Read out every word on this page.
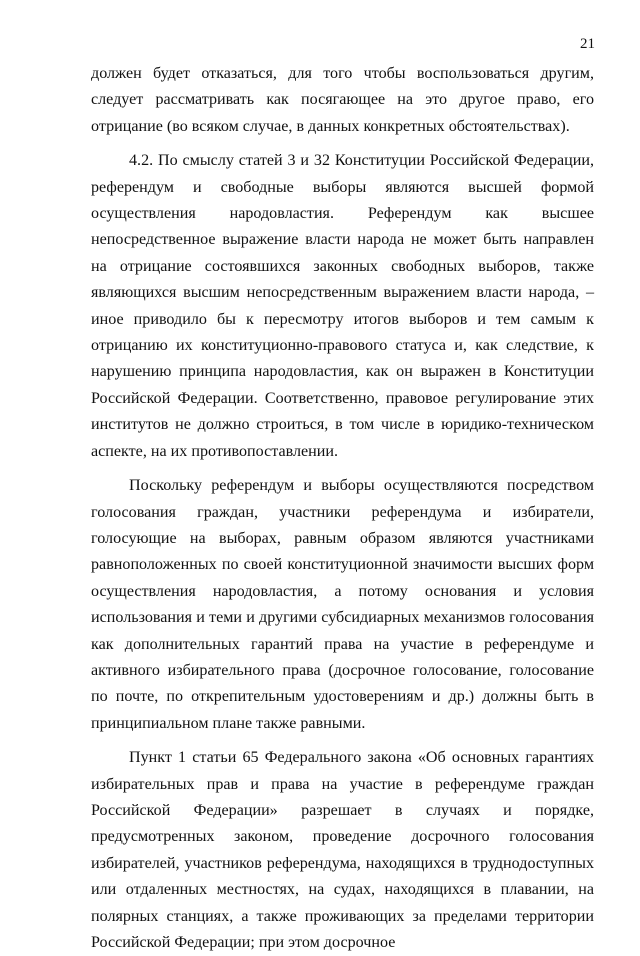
21

должен будет отказаться, для того чтобы воспользоваться другим, следует рассматривать как посягающее на это другое право, его отрицание (во всяком случае, в данных конкретных обстоятельствах).

4.2. По смыслу статей 3 и 32 Конституции Российской Федерации, референдум и свободные выборы являются высшей формой осуществления народовластия. Референдум как высшее непосредственное выражение власти народа не может быть направлен на отрицание состоявшихся законных свободных выборов, также являющихся высшим непосредственным выражением власти народа, – иное приводило бы к пересмотру итогов выборов и тем самым к отрицанию их конституционно-правового статуса и, как следствие, к нарушению принципа народовластия, как он выражен в Конституции Российской Федерации. Соответственно, правовое регулирование этих институтов не должно строиться, в том числе в юридико-техническом аспекте, на их противопоставлении.

Поскольку референдум и выборы осуществляются посредством голосования граждан, участники референдума и избиратели, голосующие на выборах, равным образом являются участниками равноположенных по своей конституционной значимости высших форм осуществления народовластия, а потому основания и условия использования и теми и другими субсидиарных механизмов голосования как дополнительных гарантий права на участие в референдуме и активного избирательного права (досрочное голосование, голосование по почте, по открепительным удостоверениям и др.) должны быть в принципиальном плане также равными.

Пункт 1 статьи 65 Федерального закона «Об основных гарантиях избирательных прав и права на участие в референдуме граждан Российской Федерации» разрешает в случаях и порядке, предусмотренных законом, проведение досрочного голосования избирателей, участников референдума, находящихся в труднодоступных или отдаленных местностях, на судах, находящихся в плавании, на полярных станциях, а также проживающих за пределами территории Российской Федерации; при этом досрочное
